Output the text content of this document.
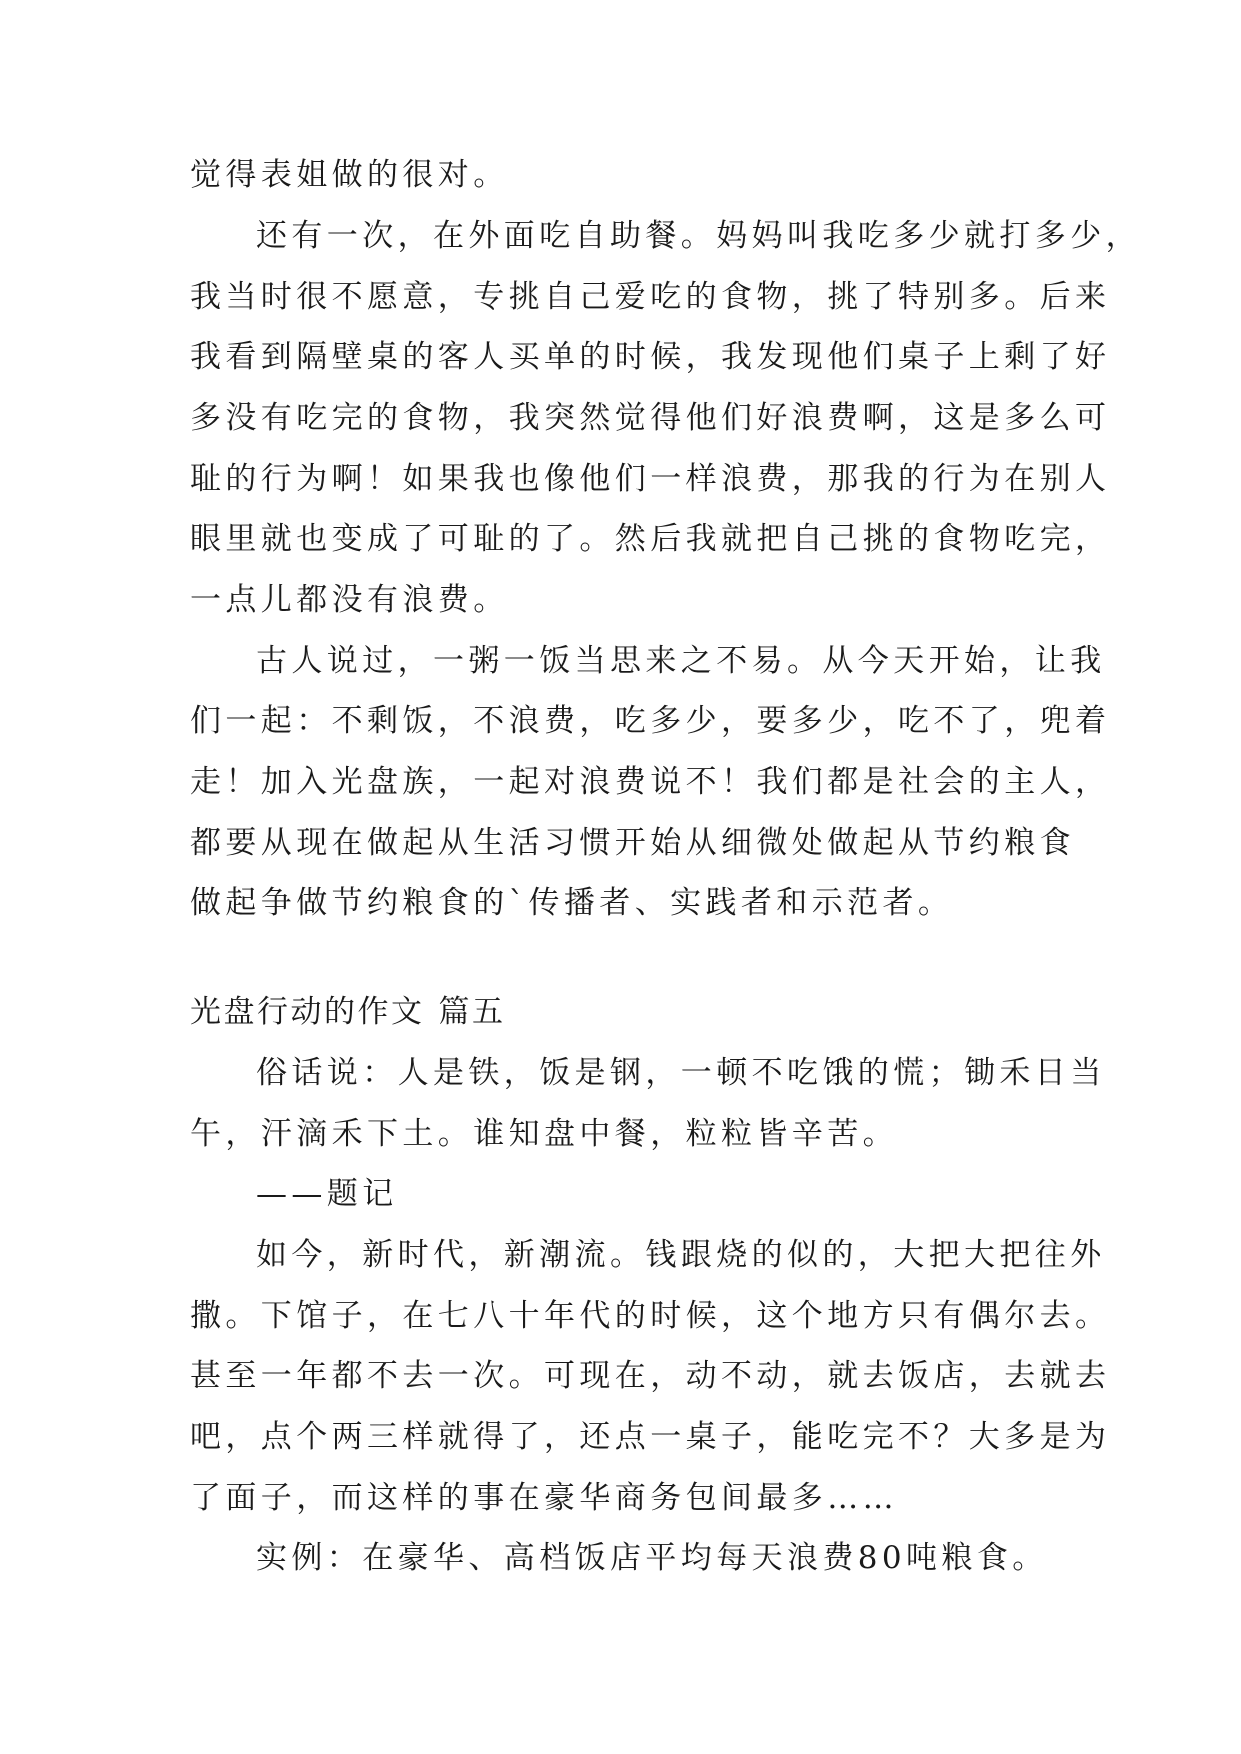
觉得表姐做的很对。
还有一次，在外面吃自助餐。妈妈叫我吃多少就打多少，
我当时很不愿意，专挑自己爱吃的食物，挑了特别多。后来
我看到隔壁桌的客人买单的时候，我发现他们桌子上剩了好
多没有吃完的食物，我突然觉得他们好浪费啊，这是多么可
耻的行为啊！如果我也像他们一样浪费，那我的行为在别人
眼里就也变成了可耻的了。然后我就把自己挑的食物吃完，
一点儿都没有浪费。
古人说过，一粥一饭当思来之不易。从今天开始，让我
们一起：不剩饭，不浪费，吃多少，要多少，吃不了，兜着
走！加入光盘族，一起对浪费说不！我们都是社会的主人，
都要从现在做起从生活习惯开始从细微处做起从节约粮食
做起争做节约粮食的`传播者、实践者和示范者。
光盘行动的作文 篇五
俗话说：人是铁，饭是钢，一顿不吃饿的慌；锄禾日当
午，汗滴禾下土。谁知盘中餐，粒粒皆辛苦。
——题记
如今，新时代，新潮流。钱跟烧的似的，大把大把往外
撒。下馆子，在七八十年代的时候，这个地方只有偶尔去。
甚至一年都不去一次。可现在，动不动，就去饭店，去就去
吧，点个两三样就得了，还点一桌子，能吃完不？大多是为
了面子，而这样的事在豪华商务包间最多……
实例：在豪华、高档饭店平均每天浪费80吨粮食。
